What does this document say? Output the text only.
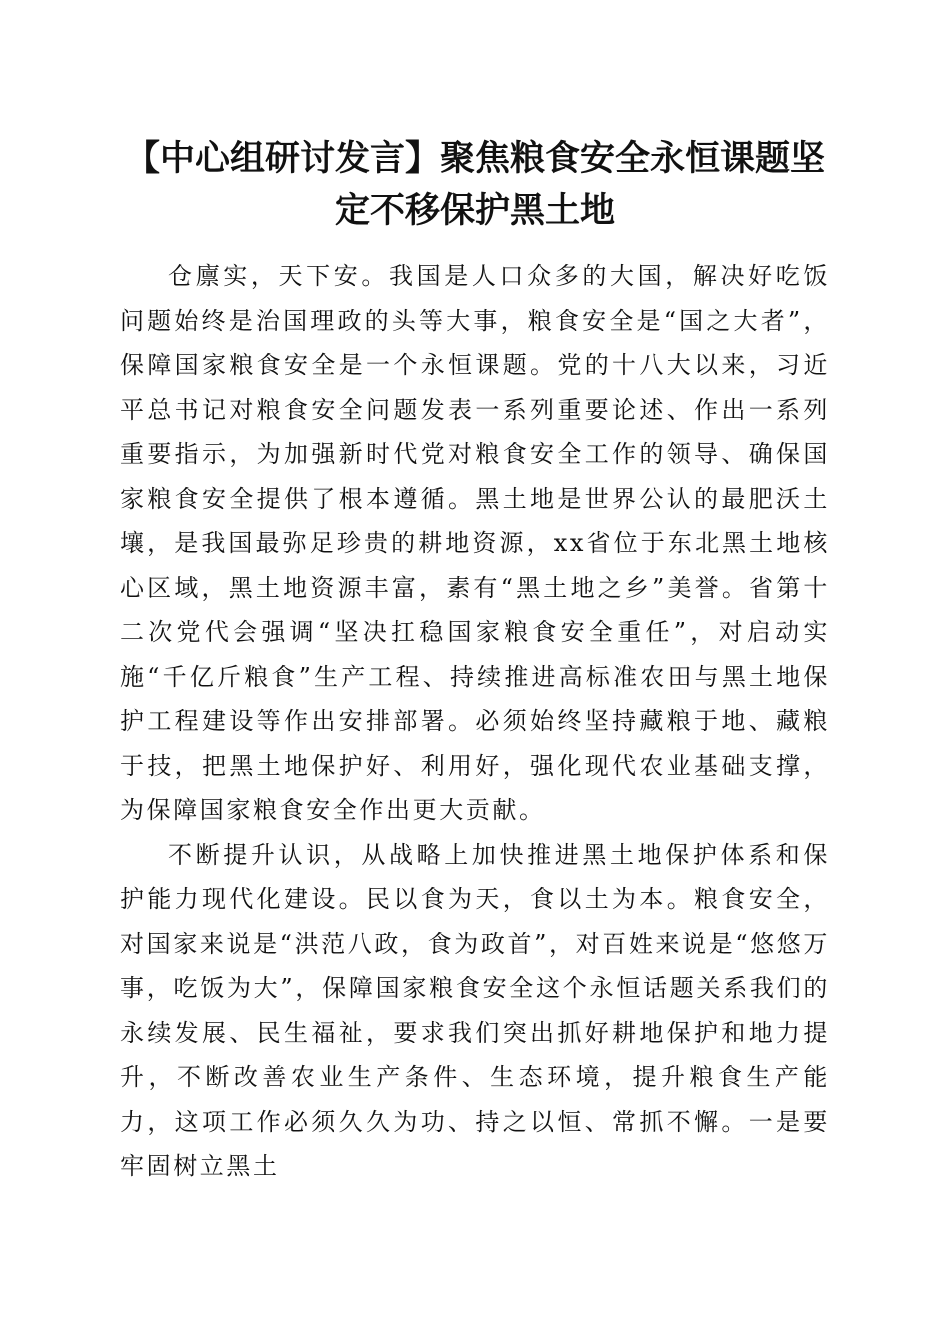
【中心组研讨发言】聚焦粮食安全永恒课题坚定不移保护黑土地

仓廪实，天下安。我国是人口众多的大国，解决好吃饭问题始终是治国理政的头等大事，粮食安全是“国之大者”，保障国家粮食安全是一个永恒课题。党的十八大以来，习近平总书记对粮食安全问题发表一系列重要论述、作出一系列重要指示，为加强新时代党对粮食安全工作的领导、确保国家粮食安全提供了根本遵循。黑土地是世界公认的最肥沃土壤，是我国最弥足珍贵的耕地资源，xx省位于东北黑土地核心区域，黑土地资源丰富，素有“黑土地之乡”美誉。省第十二次党代会强调“坚决扛稳国家粮食安全重任”，对启动实施“千亿斤粮食”生产工程、持续推进高标准农田与黑土地保护工程建设等作出安排部署。必须始终坚持藏粮于地、藏粮于技，把黑土地保护好、利用好，强化现代农业基础支撑，为保障国家粮食安全作出更大贡献。

不断提升认识，从战略上加快推进黑土地保护体系和保护能力现代化建设。民以食为天，食以土为本。粮食安全，对国家来说是“洪范八政，食为政首”，对百姓来说是“悠悠万事，吃饭为大”，保障国家粮食安全这个永恒话题关系我们的永续发展、民生福祉，要求我们突出抓好耕地保护和地力提升，不断改善农业生产条件、生态环境，提升粮食生产能力，这项工作必须久久为功、持之以恒、常抓不懈。一是要牢固树立黑土
